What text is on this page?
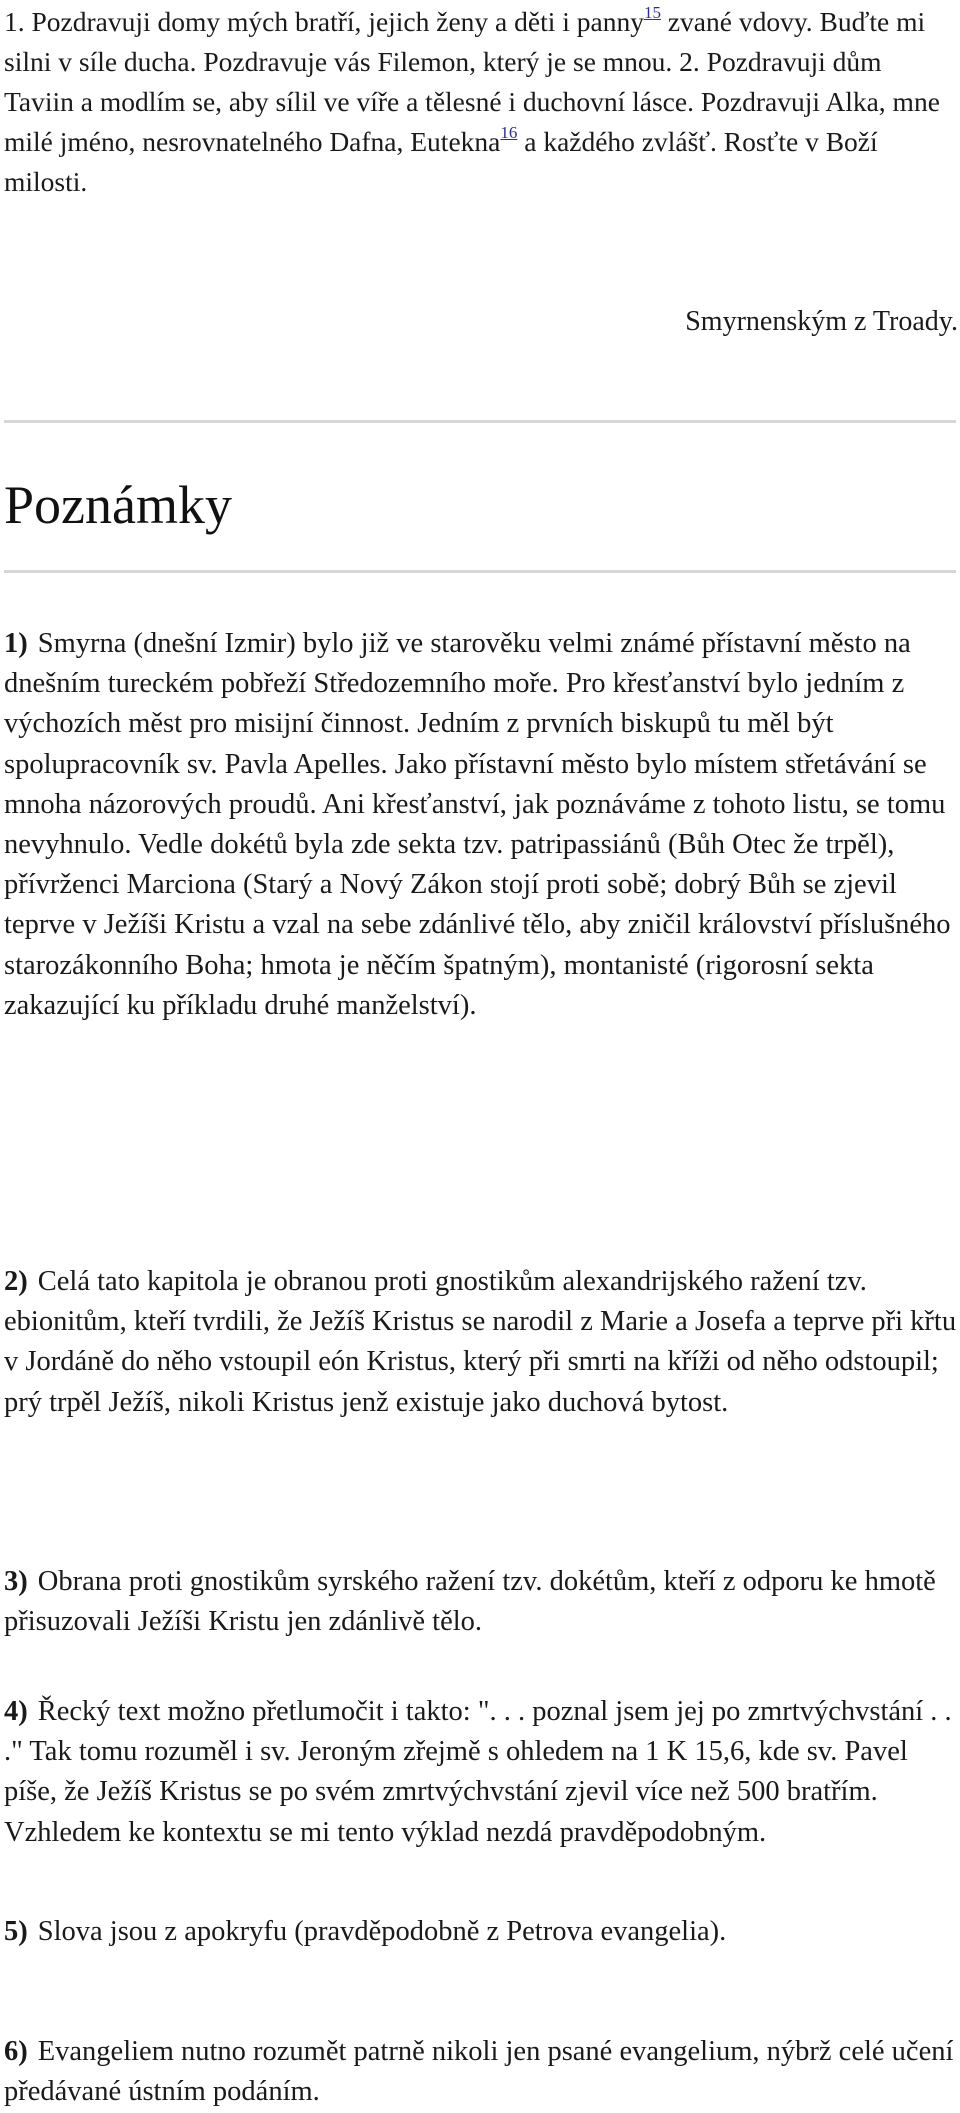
1. Pozdravuji domy mých bratří, jejich ženy a děti i panny$^{15}$ zvané vdovy. Buďte mi silni v síle ducha. Pozdravuje vás Filemon, který je se mnou. 2. Pozdravuji dům Taviin a modlím se, aby sílil ve víře a tělesné i duchovní lásce. Pozdravuji Alka, mne milé jméno, nesrovnatelného Dafna, Eutekna$^{16}$ a každého zvlášť. Rosťte v Boží milosti.

Smyrnenským z Troady.

Poznámky

1) Smyrna (dnešní Izmir) bylo již ve starověku velmi známé přístavní město na dnešním tureckém pobřeží Středozemního moře. Pro křesťanství bylo jedním z výchozích měst pro misijní činnost. Jedním z prvních biskupů tu měl být spolupracovník sv. Pavla Apelles. Jako přístavní město bylo místem střetávání se mnoha názorových proudů. Ani křesťanství, jak poznáváme z tohoto listu, se tomu nevyhnulo. Vedle dokétů byla zde sekta tzv. patripassiánů (Bůh Otec že trpěl), přívrženci Marciona (Starý a Nový Zákon stojí proti sobě; dobrý Bůh se zjevil teprve v Ježíši Kristu a vzal na sebe zdánlivé tělo, aby zničil království příslušného starozákonního Boha; hmota je něčím špatným), montanisté (rigorosní sekta zakazující ku příkladu druhé manželství).

2) Celá tato kapitola je obranou proti gnostikům alexandrijského ražení tzv. ebionitům, kteří tvrdili, že Ježíš Kristus se narodil z Marie a Josefa a teprve při křtu v Jordáně do něho vstoupil eón Kristus, který při smrti na kříži od něho odstoupil; prý trpěl Ježíš, nikoli Kristus jenž existuje jako duchová bytost.

3) Obrana proti gnostikům syrského ražení tzv. dokétům, kteří z odporu ke hmotě přisuzovali Ježíši Kristu jen zdánlivě tělo.

4) Řecký text možno přetlumočit i takto: ". . . poznal jsem jej po zmrtvýchvstání . . ." Tak tomu rozuměl i sv. Jeroným zřejmě s ohledem na 1 K 15,6, kde sv. Pavel píše, že Ježíš Kristus se po svém zmrtvýchvstání zjevil více než 500 bratřím. Vzhledem ke kontextu se mi tento výklad nezdá pravděpodobným.

5) Slova jsou z apokryfu (pravděpodobně z Petrova evangelia).

6) Evangeliem nutno rozumět patrně nikoli jen psané evangelium, nýbrž celé učení předávané ústním podáním.
